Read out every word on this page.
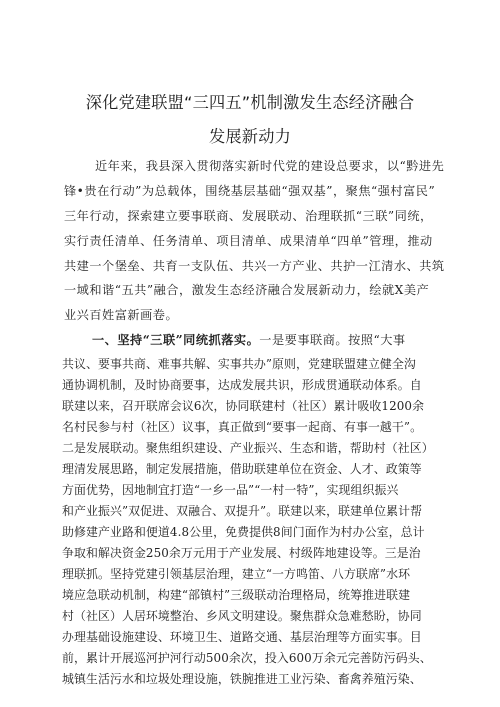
深化党建联盟“三四五”机制激发生态经济融合
发展新动力
近年来，我县深入贯彻落实新时代党的建设总要求，以“黔进先
锋•贵在行动”为总载体，围绕基层基础“强双基”，聚焦“强村富民”
三年行动，探索建立要事联商、发展联动、治理联抓“三联”同统，
实行责任清单、任务清单、项目清单、成果清单“四单”管理，推动
共建一个堡垒、共育一支队伍、共兴一方产业、共护一江清水、共筑
一域和谐“五共”融合，激发生态经济融合发展新动力，绘就X美产
业兴百姓富新画卷。
一、坚持“三联”同统抓落实。一是要事联商。按照“大事
共议、要事共商、难事共解、实事共办”原则，党建联盟建立健全沟
通协调机制，及时协商要事，达成发展共识，形成贯通联动体系。自
联建以来，召开联席会议6次，协同联建村（社区）累计吸收1200余
名村民参与村（社区）议事，真正做到“要事一起商、有事一越干”。
二是发展联动。聚焦组织建设、产业振兴、生态和谐，帮助村（社区）
理清发展思路，制定发展措施，借助联建单位在资金、人才、政策等
方面优势，因地制宜打造“一乡一品”“一村一特”，实现组织振兴
和产业振兴”双促进、双融合、双提升”。联建以来，联建单位累计帮
助修建产业路和便道4.8公里，免费提供8间门面作为村办公室，总计
争取和解决资金250余万元用于产业发展、村级阵地建设等。三是治
理联抓。坚持党建引领基层治理，建立“一方鸣笛、八方联席”水环
境应急联动机制，构建“部镇村”三级联动治理格局，统筹推进联建
村（社区）人居环境整治、乡风文明建设。聚焦群众急难愁盼，协同
办理基础设施建设、环境卫生、道路交通、基层治理等方面实事。目
前，累计开展巡河护河行动500余次，投入600万余元完善防污码头、
城镇生活污水和垃圾处理设施，铁腕推进工业污染、畜禽养殖污染、
